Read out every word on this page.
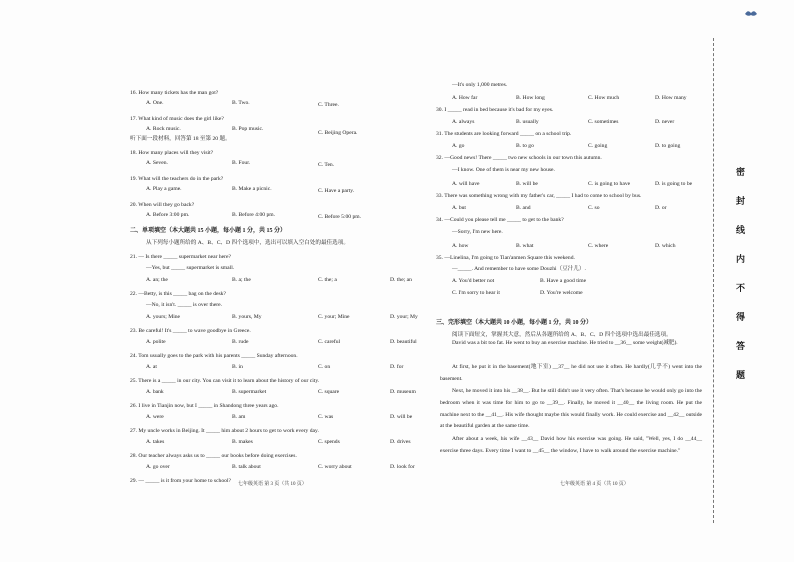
16. How many tickets has the man got?
A. One.	B. Two.	C. Three.
17. What kind of music does the girl like?
A. Rock music.	B. Pop music.
C. Beijing Opera.
听下面一段材料，回答第 18 至第 20 题。
18. How many places will they visit?
A. Seven.	B. Four.	C. Ten.
19. What will the teachers do in the park?
A. Play a game.	B. Make a picnic.	C. Have a party.
20. When will they go back?
A. Before 3:00 pm.	B. Before 4:00 pm.	C. Before 5:00 pm.
二、单项填空（本大题共 15 小题，每小题 1 分，共 15 分）
从下列每小题所给的 A、B、C、D 四个选项中，选出可以填入空白处的最佳选项。
21. — Is there _____ supermarket near here?
—Yes, but _____ supermarket is small.
A. an; the	B. a; the	C. the; a	D. the; an
22. —Betty, is this _____ bag on the desk?
—No, it isn't. _____ is over there.
A. yours; Mine	B. yours, My	C. your; Mine	D. your; My
23. Be careful! It's _____ to wave goodbye in Greece.
A. polite	B. rude	C. careful	D. beautiful
24. Tom usually goes to the park with his parents _____ Sunday afternoon.
A. at	B. in	C. on	D. for
25. There is a _____ in our city. You can visit it to learn about the history of our city.
A. bank	B. supermarket	C. square	D. museum
26. I live in Tianjin now, but I _____ in Shandong three years ago.
A. were	B. am	C. was	D. will be
27. My uncle works in Beijing. It _____ him about 2 hours to get to work every day.
A. takes	B. makes	C. spends	D. drives
28. Our teacher always asks us to _____ our books before doing exercises.
A. go over	B. talk about	C. worry about	D. look for
29. — _____ is it from your home to school?
七年级英语 第 3 页（共 10 页）
—It's only 1,000 metres.
A. How far	B. How long	C. How much	D. How many
30. I _____ read in bed because it's bad for my eyes.
A. always	B. usually	C. sometimes	D. never
31. The students are looking forward _____ on a school trip.
A. go	B. to go	C. going	D. to going
32. —Good news! There _____ two new schools in our town this autumn.
—I know. One of them is near my new house.
A. will have	B. will be	C. is going to have	D. is going to be
33. There was something wrong with my father's car, _____ I had to come to school by bus.
A. but	B. and	C. so	D. or
34. —Could you please tell me _____ to get to the bank?
—Sorry, I'm new here.
A. how	B. what	C. where	D. which
35. —Linelina, I'm going to Tian'anmen Square this weekend.
—_____. And remember to have some Douzhi（豆汁儿）.
A. You'd better not	B. Have a good time
C. I'm sorry to hear it	D. You're welcome
三、完形填空（本大题共 10 小题，每小题 1 分，共 10 分）
阅读下面短文，掌握其大意，然后从各题所给的 A、B、C、D 四个选项中选出最佳选项。
David was a bit too fat. He went to buy an exercise machine. He tried to __36__ some weight(减肥).
At first, he put it in the basement(地下室) __37__ he did not use it often. He hardly(几乎不) went into the basement.
Next, he moved it into his __38__. But he still didn't use it very often. That's because he would only go into the bedroom when it was time for him to go to __39__. Finally, he moved it __40__ the living room. He put the machine next to the __41__. His wife thought maybe this would finally work. He could exercise and __42__ outside at the beautiful garden at the same time.
After about a week, his wife __43__ David how his exercise was going. He said, "Well, yes, I do __44__ exercise three days. Every time I want to __45__ the window, I have to walk around the exercise machine."
七年级英语 第 4 页（共 10 页）
密
封
线
内
不
得
答
题
